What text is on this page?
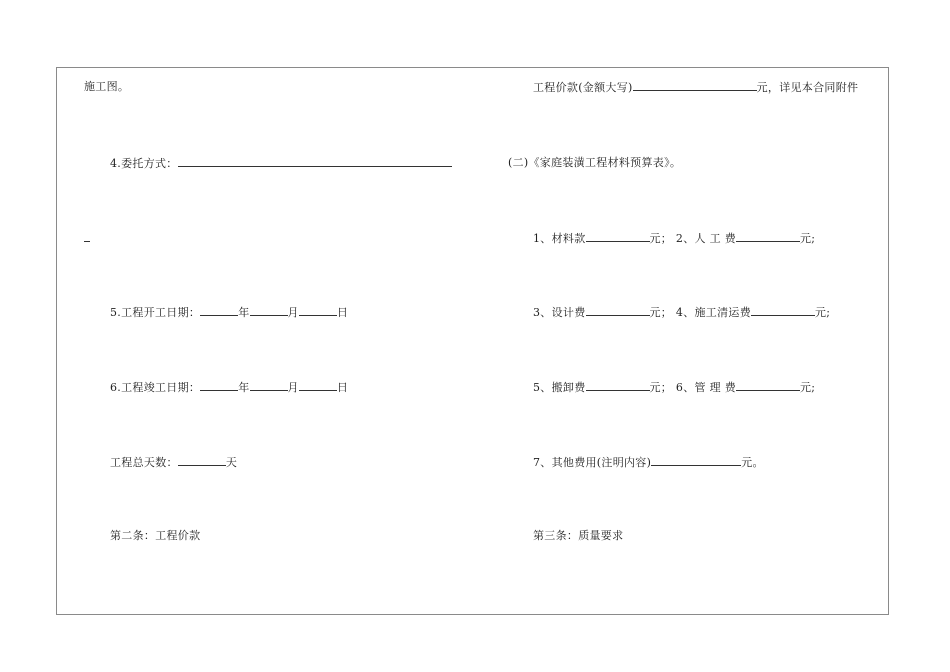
施工图。
4.委托方式：
5.工程开工日期：	年	月	日
6.工程竣工日期：	年	月	日
工程总天数：	天
第二条：工程价款
工程价款(金额大写)	元，详见本合同附件
(二)《家庭装潢工程材料预算表》。
1、材料款	元； 2、人 工 费	元;
3、设计费	元； 4、施工清运费	元;
5、搬卸费	元； 6、管 理 费	元;
7、其他费用(注明内容)	元。
第三条：质量要求
